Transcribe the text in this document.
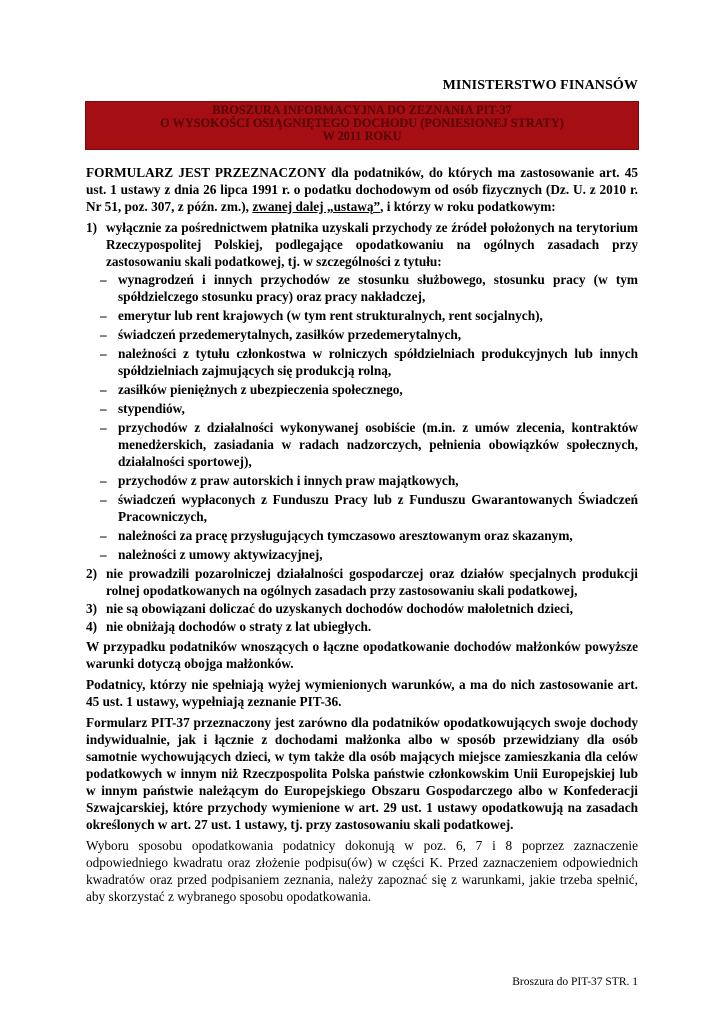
MINISTERSTWO FINANSÓW
BROSZURA INFORMACYJNA DO ZEZNANIA PIT-37
O WYSOKOŚCI OSIĄGNIĘTEGO DOCHODU (PONIESIONEJ STRATY)
W 2011 ROKU

FORMULARZ JEST PRZEZNACZONY dla podatników, do których ma zastosowanie art. 45 ust. 1 ustawy z dnia 26 lipca 1991 r. o podatku dochodowym od osób fizycznych (Dz. U. z 2010 r. Nr 51, poz. 307, z późn. zm.), zwanej dalej „ustawą”, i którzy w roku podatkowym:

1) wyłącznie za pośrednictwem płatnika uzyskali przychody ze źródeł położonych na terytorium Rzeczypospolitej Polskiej, podlegające opodatkowaniu na ogólnych zasadach przy zastosowaniu skali podatkowej, tj. w szczególności z tytułu:
– wynagrodzeń i innych przychodów ze stosunku służbowego, stosunku pracy (w tym spółdzielczego stosunku pracy) oraz pracy nakładczej,
– emerytur lub rent krajowych (w tym rent strukturalnych, rent socjalnych),
– świadczeń przedemerytalnych, zasiłków przedemerytalnych,
– należności z tytułu członkostwa w rolniczych spółdzielniach produkcyjnych lub innych spółdzielniach zajmujących się produkcją rolną,
– zasiłków pieniężnych z ubezpieczenia społecznego,
– stypendiów,
– przychodów z działalności wykonywanej osobiście (m.in. z umów zlecenia, kontraktów menedżerskich, zasiadania w radach nadzorczych, pełnienia obowiązków społecznych, działalności sportowej),
– przychodów z praw autorskich i innych praw majątkowych,
– świadczeń wypłaconych z Funduszu Pracy lub z Funduszu Gwarantowanych Świadczeń Pracowniczych,
– należności za pracę przysługujących tymczasowo aresztowanym oraz skazanym,
– należności z umowy aktywizacyjnej,
2) nie prowadzili pozarolniczej działalności gospodarczej oraz działów specjalnych produkcji rolnej opodatkowanych na ogólnych zasadach przy zastosowaniu skali podatkowej,
3) nie są obowiązani doliczać do uzyskanych dochodów dochodów małoletnich dzieci,
4) nie obniżają dochodów o straty z lat ubiegłych.

W przypadku podatników wnoszących o łączne opodatkowanie dochodów małżonków powyższe warunki dotyczą obojga małżonków.

Podatnicy, którzy nie spełniają wyżej wymienionych warunków, a ma do nich zastosowanie art. 45 ust. 1 ustawy, wypełniają zeznanie PIT-36.

Formularz PIT-37 przeznaczony jest zarówno dla podatników opodatkowujących swoje dochody indywidualnie, jak i łącznie z dochodami małżonka albo w sposób przewidziany dla osób samotnie wychowujących dzieci, w tym także dla osób mających miejsce zamieszkania dla celów podatkowych w innym niż Rzeczpospolita Polska państwie członkowskim Unii Europejskiej lub w innym państwie należącym do Europejskiego Obszaru Gospodarczego albo w Konfederacji Szwajcarskiej, które przychody wymienione w art. 29 ust. 1 ustawy opodatkowują na zasadach określonych w art. 27 ust. 1 ustawy, tj. przy zastosowaniu skali podatkowej.

Wyboru sposobu opodatkowania podatnicy dokonują w poz. 6, 7 i 8 poprzez zaznaczenie odpowiedniego kwadratu oraz złożenie podpisu(ów) w części K. Przed zaznaczeniem odpowiednich kwadratów oraz przed podpisaniem zeznania, należy zapoznać się z warunkami, jakie trzeba spełnić, aby skorzystać z wybranego sposobu opodatkowania.

Broszura do PIT-37 STR. 1
